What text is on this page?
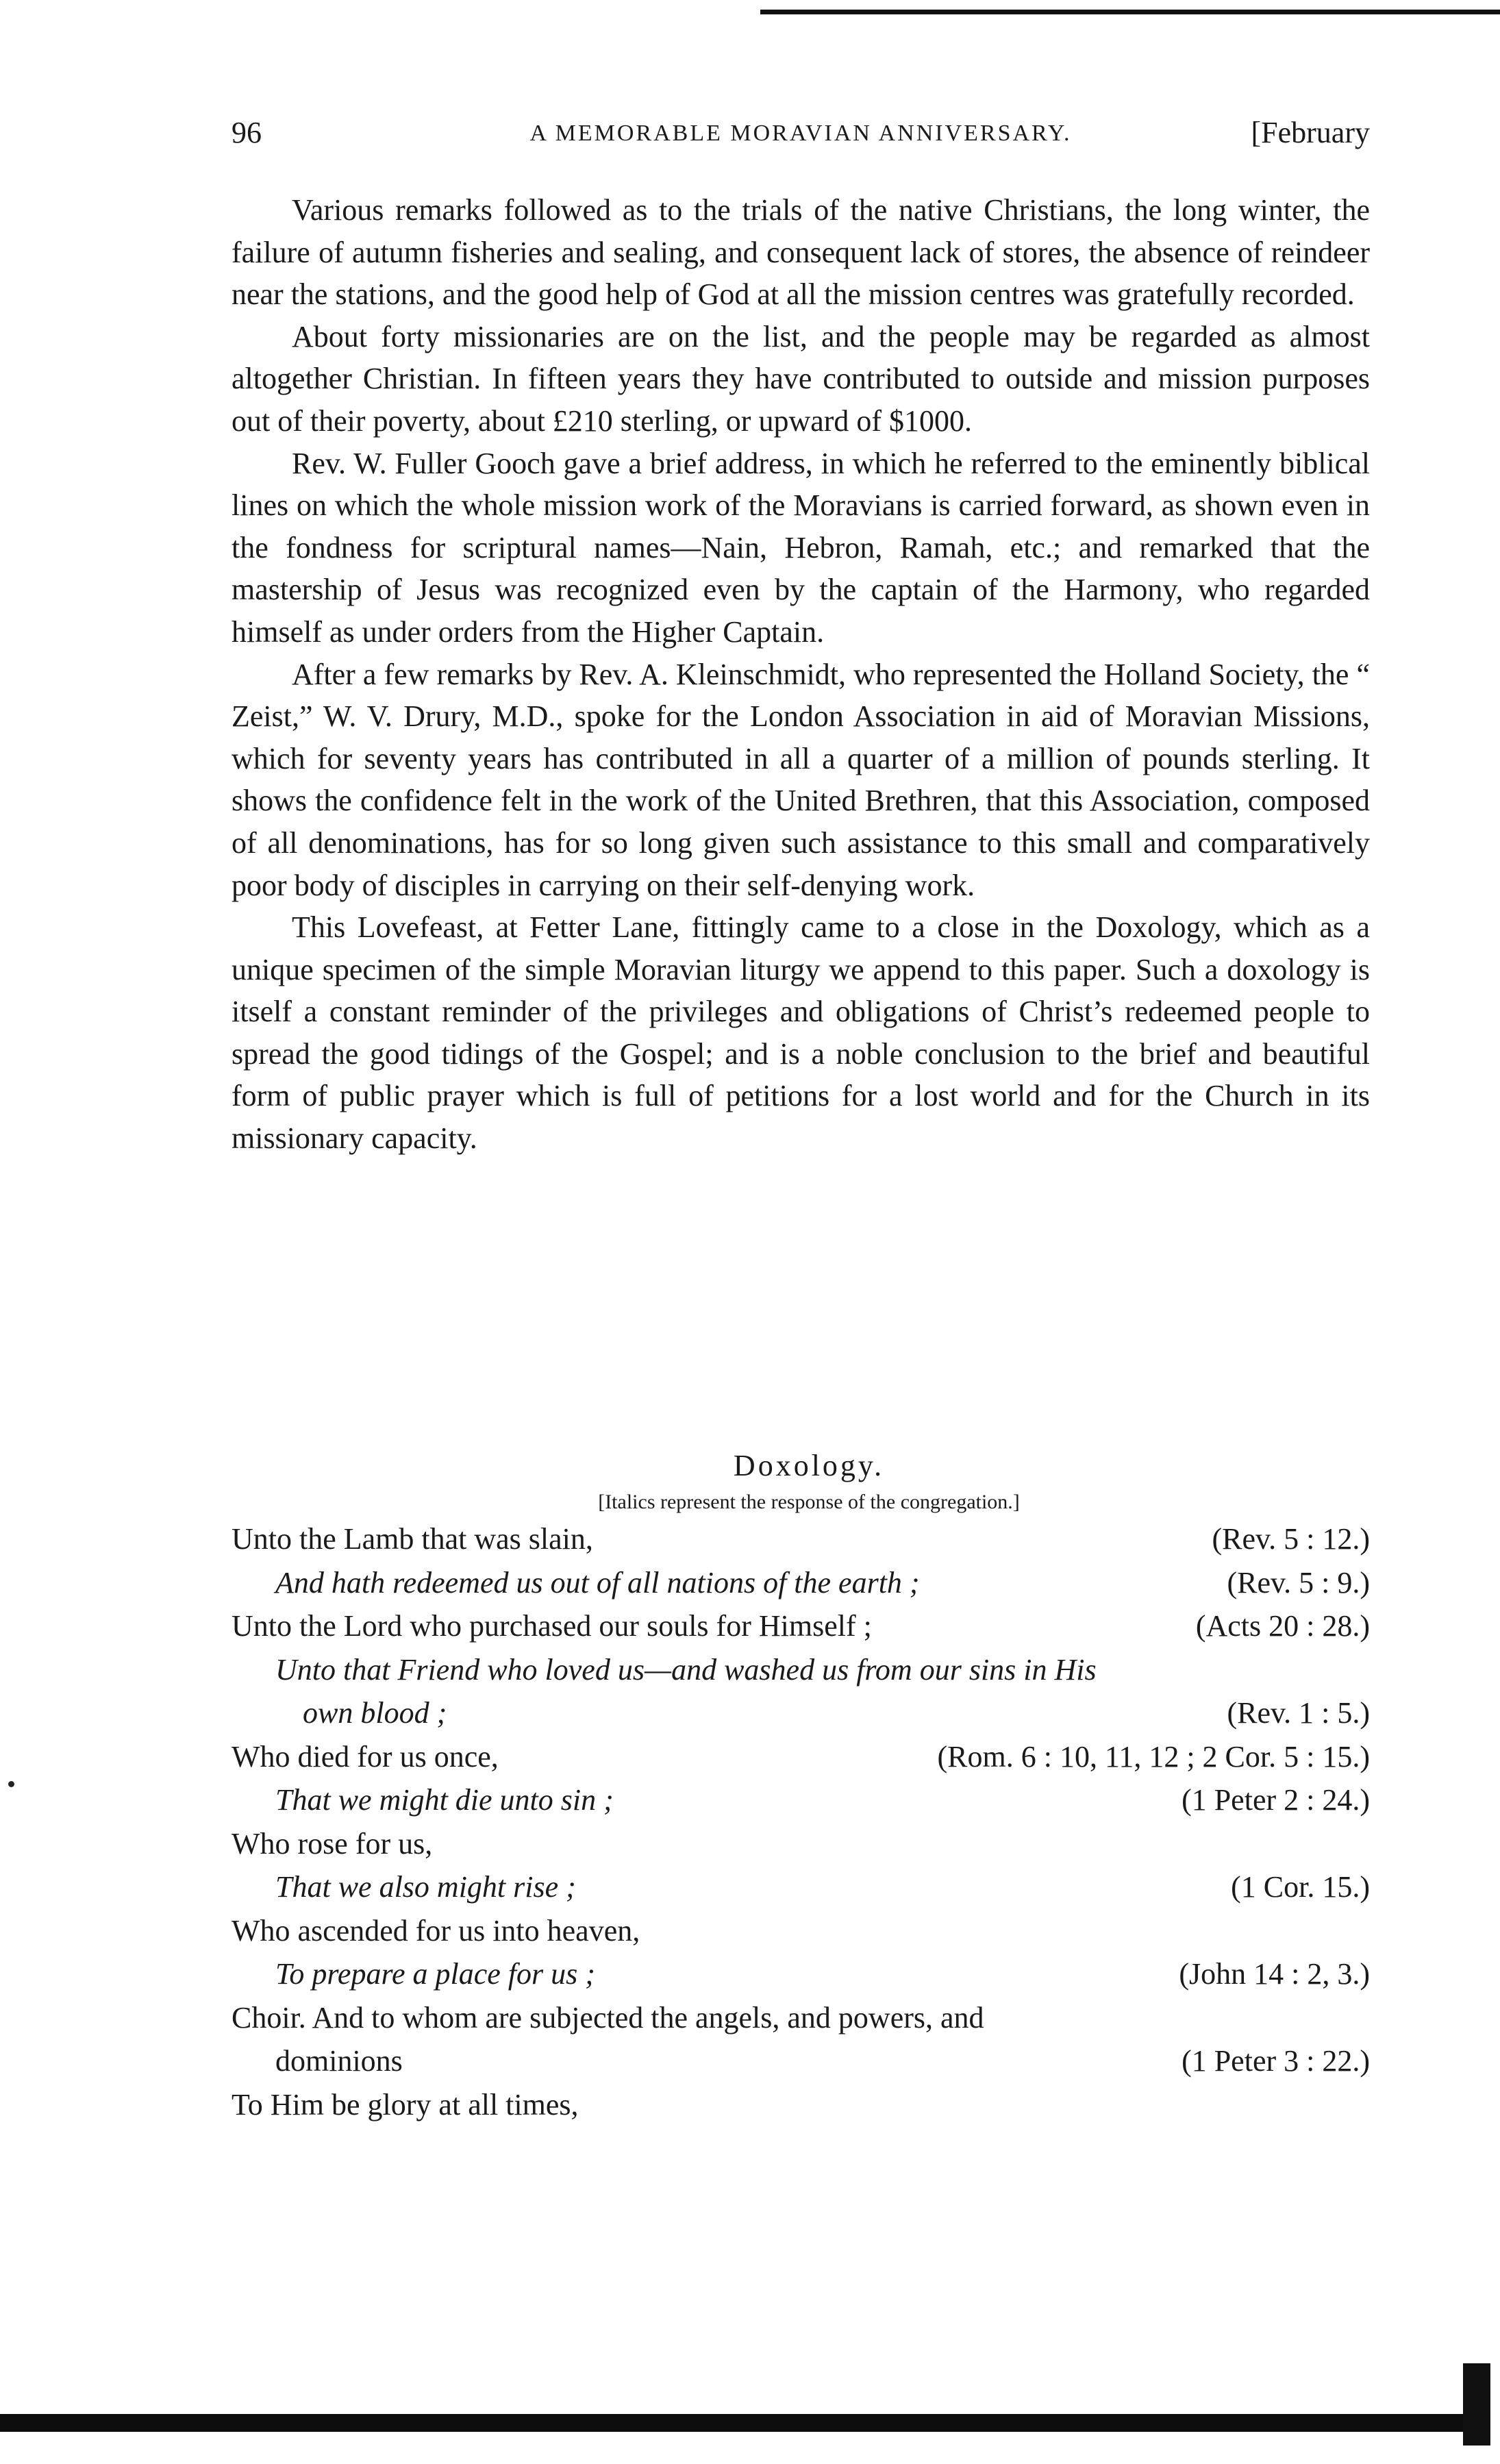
96	A MEMORABLE MORAVIAN ANNIVERSARY.	[February

Various remarks followed as to the trials of the native Christians, the long winter, the failure of autumn fisheries and sealing, and consequent lack of stores, the absence of reindeer near the stations, and the good help of God at all the mission centres was gratefully recorded.

About forty missionaries are on the list, and the people may be regarded as almost altogether Christian. In fifteen years they have contributed to outside and mission purposes out of their poverty, about £210 sterling, or upward of $1000.

Rev. W. Fuller Gooch gave a brief address, in which he referred to the eminently biblical lines on which the whole mission work of the Moravians is carried forward, as shown even in the fondness for scriptural names—Nain, Hebron, Ramah, etc.; and remarked that the mastership of Jesus was recognized even by the captain of the Harmony, who regarded himself as under orders from the Higher Captain.

After a few remarks by Rev. A. Kleinschmidt, who represented the Holland Society, the “ Zeist,” W. V. Drury, M.D., spoke for the London Association in aid of Moravian Missions, which for seventy years has contributed in all a quarter of a million of pounds sterling. It shows the confidence felt in the work of the United Brethren, that this Association, composed of all denominations, has for so long given such assistance to this small and comparatively poor body of disciples in carrying on their self-denying work.

This Lovefeast, at Fetter Lane, fittingly came to a close in the Doxology, which as a unique specimen of the simple Moravian liturgy we append to this paper. Such a doxology is itself a constant reminder of the privileges and obligations of Christ’s redeemed people to spread the good tidings of the Gospel; and is a noble conclusion to the brief and beautiful form of public prayer which is full of petitions for a lost world and for the Church in its missionary capacity.

Doxology.

[Italics represent the response of the congregation.]

Unto the Lamb that was slain,	(Rev. 5 : 12.)
And hath redeemed us out of all nations of the earth ;	(Rev. 5 : 9.)
Unto the Lord who purchased our souls for Himself ;	(Acts 20 : 28.)
Unto that Friend who loved us—and washed us from our sins in His
own blood ;	(Rev. 1 : 5.)
Who died for us once,	(Rom. 6 : 10, 11, 12 ; 2 Cor. 5 : 15.)
That we might die unto sin ;	(1 Peter 2 : 24.)
Who rose for us,
That we also might rise ;	(1 Cor. 15.)
Who ascended for us into heaven,
To prepare a place for us ;	(John 14 : 2, 3.)
Choir. And to whom are subjected the angels, and powers, and
dominions	(1 Peter 3 : 22.)
To Him be glory at all times,
